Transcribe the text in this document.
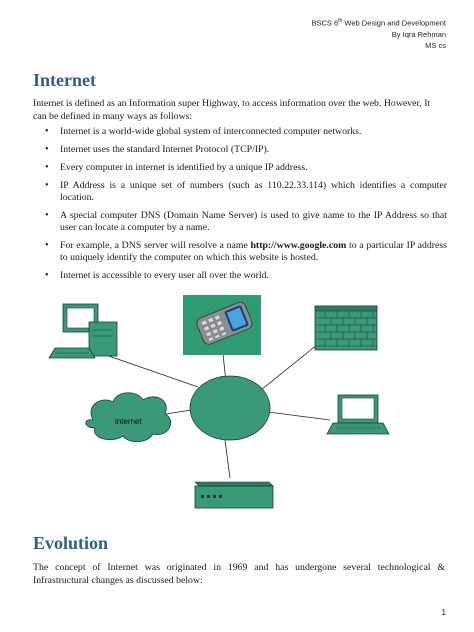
BSCS 6th Web Design and Development
By Iqra Rehman
MS cs
Internet

Internet is defined as an Information super Highway, to access information over the web. However, It can be defined in many ways as follows:

• Internet is a world-wide global system of interconnected computer networks.
• Internet uses the standard Internet Protocol (TCP/IP).
• Every computer in internet is identified by a unique IP address.
• IP Address is a unique set of numbers (such as 110.22.33.114) which identifies a computer location.
• A special computer DNS (Domain Name Server) is used to give name to the IP Address so that user can locate a computer by a name.
• For example, a DNS server will resolve a name http://www.google.com to a particular IP address to uniquely identify the computer on which this website is hosted.
• Internet is accessible to every user all over the world.
internet
Evolution

The concept of Internet was originated in 1969 and has undergone several technological & Infrastructural changes as discussed below:

1
